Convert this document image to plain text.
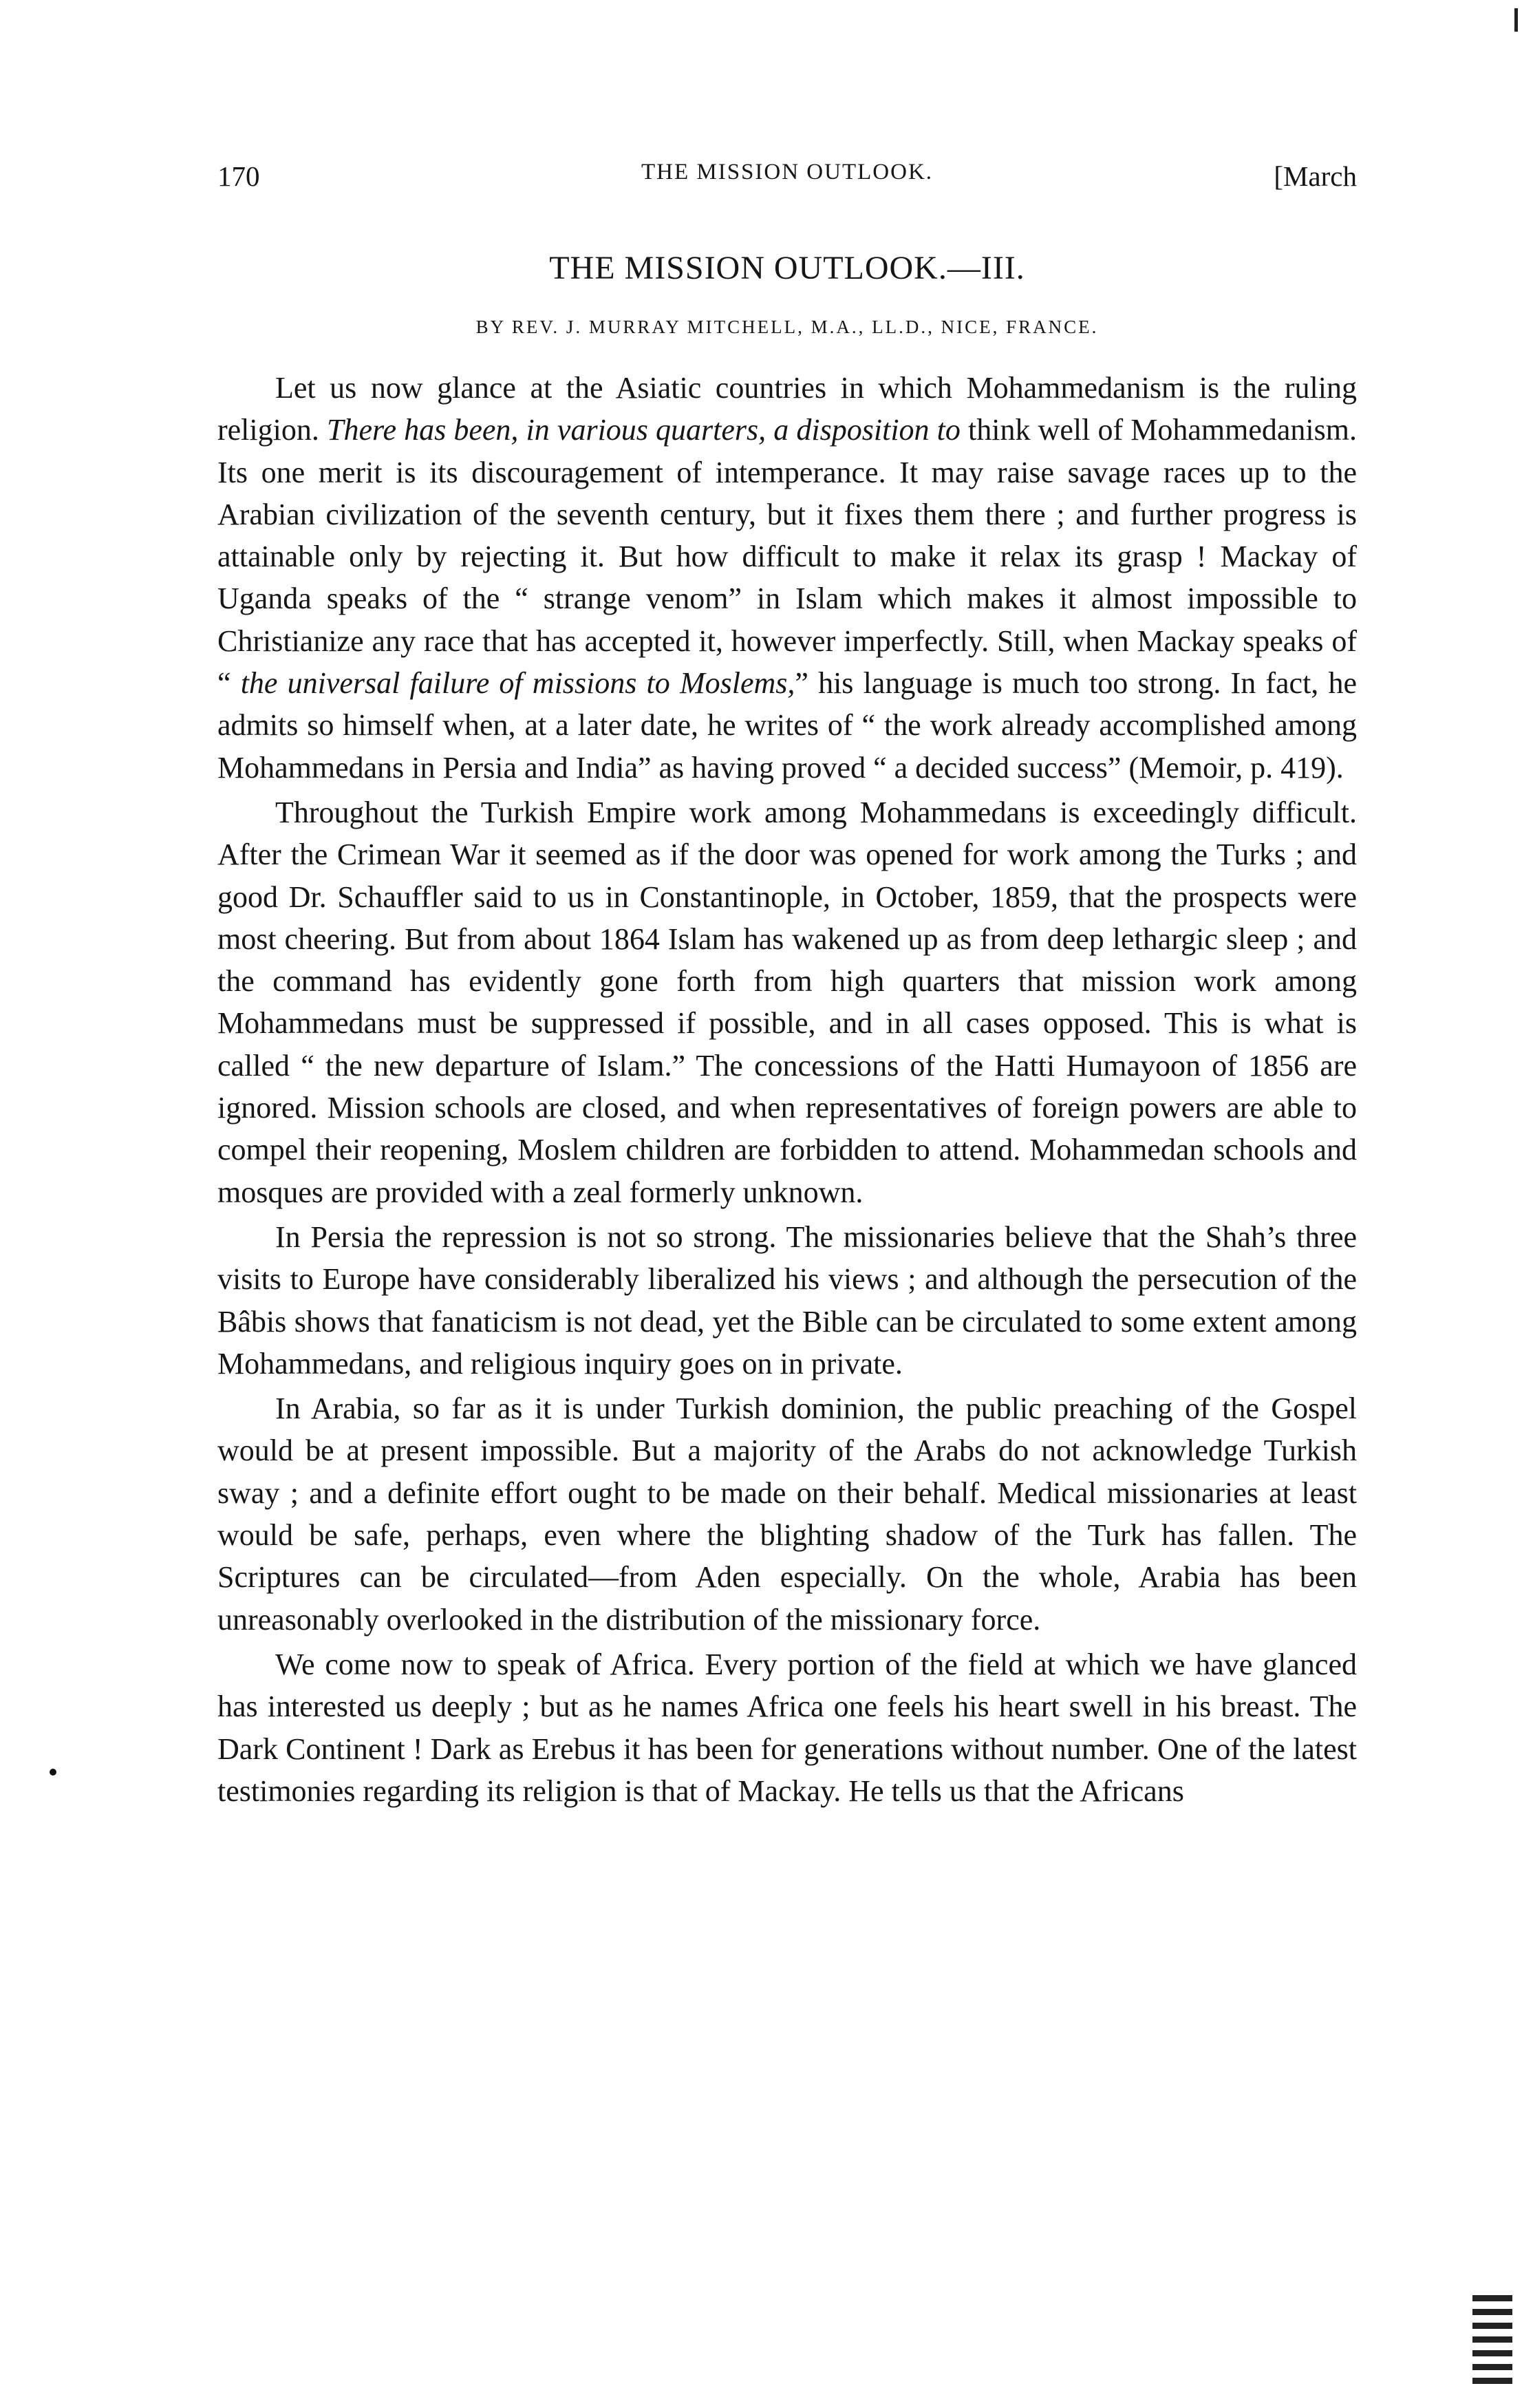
170	THE MISSION OUTLOOK.	[March
THE MISSION OUTLOOK.—III.
BY REV. J. MURRAY MITCHELL, M.A., LL.D., NICE, FRANCE.

Let us now glance at the Asiatic countries in which Mohammedanism is the ruling religion. There has been, in various quarters, a disposition to think well of Mohammedanism. Its one merit is its discouragement of intemperance. It may raise savage races up to the Arabian civilization of the seventh century, but it fixes them there ; and further progress is attainable only by rejecting it. But how difficult to make it relax its grasp ! Mackay of Uganda speaks of the “ strange venom” in Islam which makes it almost impossible to Christianize any race that has accepted it, however imperfectly. Still, when Mackay speaks of “ the universal failure of missions to Moslems,” his language is much too strong. In fact, he admits so himself when, at a later date, he writes of “ the work already accomplished among Mohammedans in Persia and India” as having proved “ a decided success” (Memoir, p. 419).

Throughout the Turkish Empire work among Mohammedans is exceedingly difficult. After the Crimean War it seemed as if the door was opened for work among the Turks ; and good Dr. Schauffler said to us in Constantinople, in October, 1859, that the prospects were most cheering. But from about 1864 Islam has wakened up as from deep lethargic sleep ; and the command has evidently gone forth from high quarters that mission work among Mohammedans must be suppressed if possible, and in all cases opposed. This is what is called “ the new departure of Islam.” The concessions of the Hatti Humayoon of 1856 are ignored. Mission schools are closed, and when representatives of foreign powers are able to compel their reopening, Moslem children are forbidden to attend. Mohammedan schools and mosques are provided with a zeal formerly unknown.

In Persia the repression is not so strong. The missionaries believe that the Shah’s three visits to Europe have considerably liberalized his views ; and although the persecution of the Bâbis shows that fanaticism is not dead, yet the Bible can be circulated to some extent among Mohammedans, and religious inquiry goes on in private.

In Arabia, so far as it is under Turkish dominion, the public preaching of the Gospel would be at present impossible. But a majority of the Arabs do not acknowledge Turkish sway ; and a definite effort ought to be made on their behalf. Medical missionaries at least would be safe, perhaps, even where the blighting shadow of the Turk has fallen. The Scriptures can be circulated—from Aden especially. On the whole, Arabia has been unreasonably overlooked in the distribution of the missionary force.

We come now to speak of Africa. Every portion of the field at which we have glanced has interested us deeply ; but as he names Africa one feels his heart swell in his breast. The Dark Continent ! Dark as Erebus it has been for generations without number. One of the latest testimonies regarding its religion is that of Mackay. He tells us that the Africans
